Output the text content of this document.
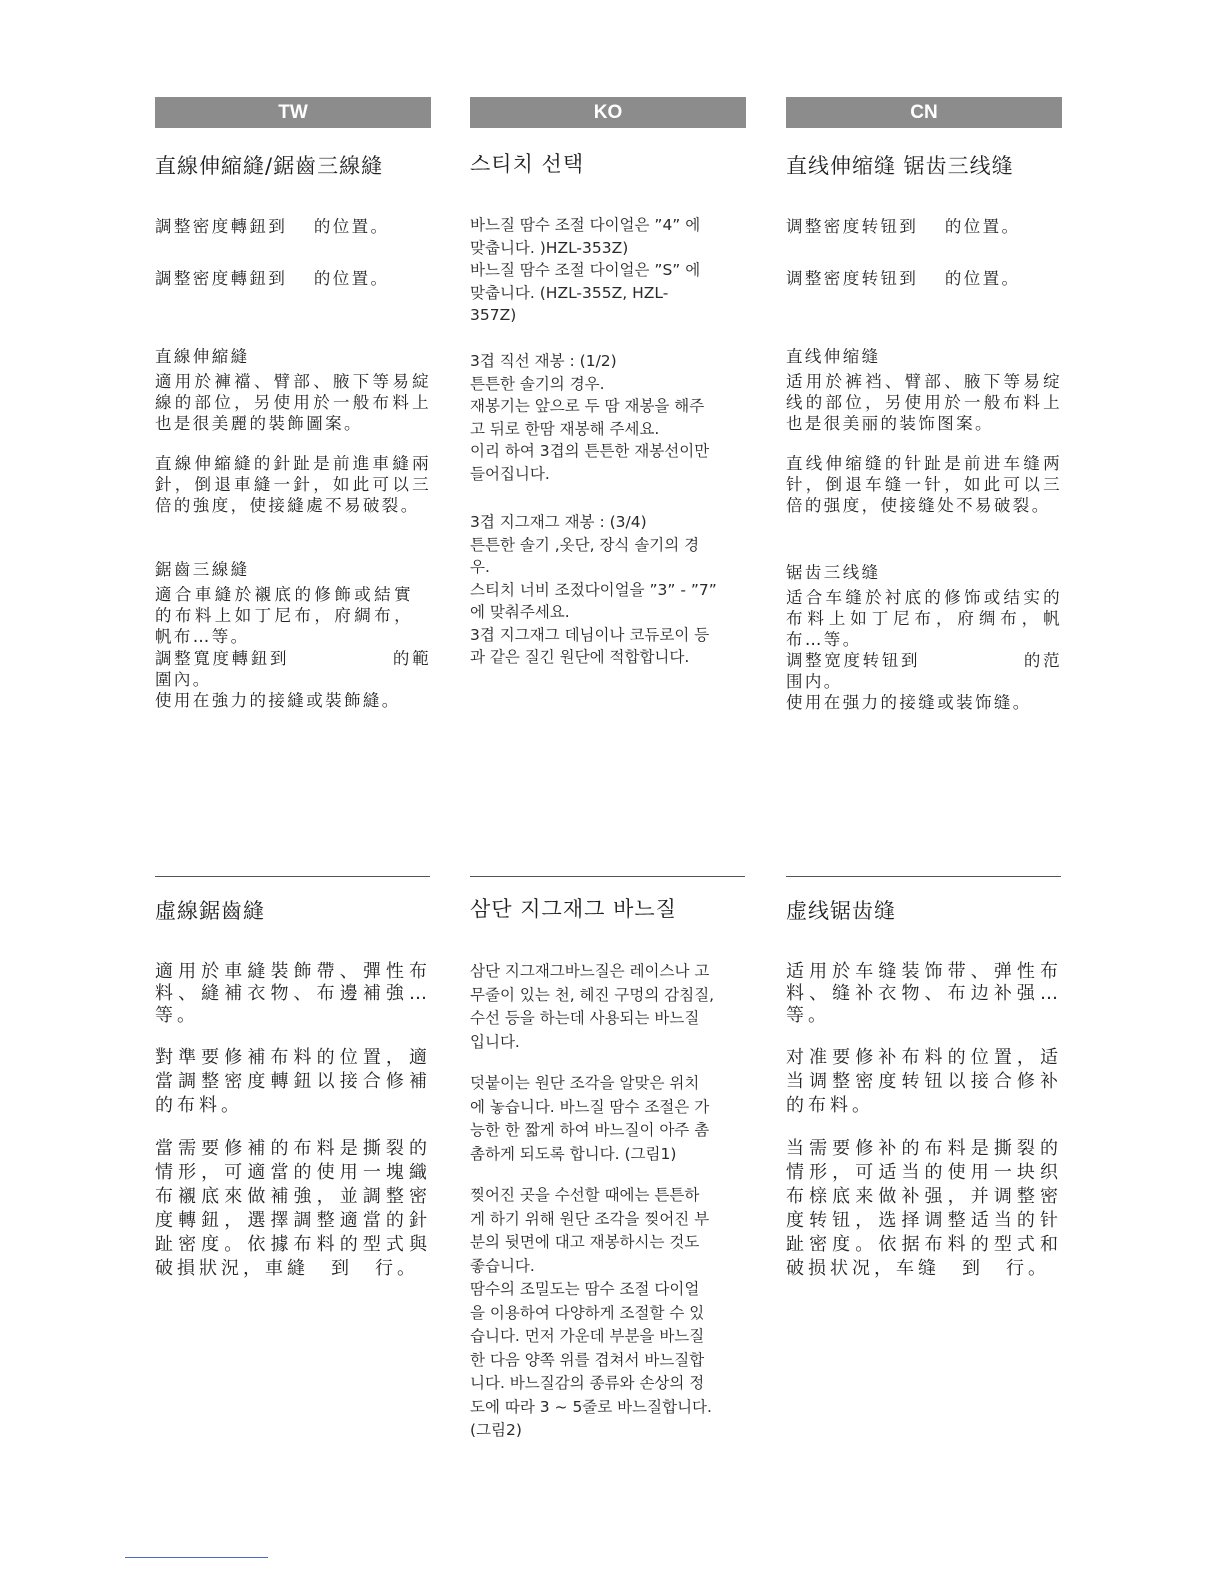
TW	KO	CN
直線伸縮縫/鋸齒三線縫
調整密度轉鈕到　 的位置。
調整密度轉鈕到　 的位置。
直線伸縮縫
適用於褲襠、臂部、腋下等易綻線的部位，另使用於一般布料上也是很美麗的裝飾圖案。
直線伸縮縫的針趾是前進車縫兩針，倒退車縫一針，如此可以三倍的強度，使接縫處不易破裂。
鋸齒三線縫
適合車縫於襯底的修飾或結實的布料上如丁尼布，府綢布，帆布…等。
調整寬度轉鈕到　　　　　 的範圍內。
使用在強力的接縫或裝飾縫。
스티치 선택
바느질 땀수 조절 다이얼은 ”4” 에
맞춥니다. )HZL-353Z)
바느질 땀수 조절 다이얼은 ”S” 에
맞춥니다. (HZL-355Z, HZL-
357Z)
3겹 직선 재봉 : (1/2)
튼튼한 솔기의 경우.
재봉기는 앞으로 두 땀 재봉을 해주
고 뒤로 한땀 재봉해 주세요.
이리 하여 3겹의 튼튼한 재봉선이만
들어집니다.
3겹 지그재그 재봉 : (3/4)
튼튼한 솔기 ,옷단, 장식 솔기의 경
우.
스티치 너비 조젔다이얼을 ”3” - ”7”
에 맞춰주세요.
3겹 지그재그 데님이나 코듀로이 등
과 같은 질긴 원단에 적합합니다.
直线伸缩缝 锯齿三线缝
调整密度转钮到　 的位置。
调整密度转钮到　 的位置。
直线伸缩缝
适用於裤裆、臂部、腋下等易绽线的部位，另使用於一般布料上也是很美丽的装饰图案。
直线伸缩缝的针趾是前进车缝两针，倒退车缝一针，如此可以三倍的强度，使接缝处不易破裂。
锯齿三线缝
适合车缝於衬底的修饰或结实的布料上如丁尼布，府绸布，帆布…等。
调整宽度转钮到　　　　　 的范围内。
使用在强力的接缝或装饰缝。
虛線鋸齒縫
適用於車縫裝飾帶、彈性布料、縫補衣物、布邊補強…等。
對準要修補布料的位置，適當調整密度轉鈕以接合修補的布料。
當需要修補的布料是撕裂的情形，可適當的使用一塊織布襯底來做補強，並調整密度轉鈕，選擇調整適當的針趾密度。依據布料的型式與破損狀況，車縫　到　行。
삼단 지그재그 바느질
삼단 지그재그바느질은 레이스나 고
무줄이 있는 천, 헤진 구멍의 감침질,
수선 등을 하는데 사용되는 바느질
입니다.
덧붙이는 원단 조각을 알맞은 위치
에 놓습니다. 바느질 땀수 조절은 가
능한 한 짧게 하여 바느질이 아주 촘
촘하게 되도록 합니다. (그림1)
찢어진 곳을 수선할 때에는 튼튼하
게 하기 위해 원단 조각을 찢어진 부
분의 뒷면에 대고 재봉하시는 것도
좋습니다.
땀수의 조밀도는 땀수 조절 다이얼
을 이용하여 다양하게 조절할 수 있
습니다. 먼저 가운데 부분을 바느질
한 다음 양쪽 위를 겹쳐서 바느질합
니다. 바느질감의 종류와 손상의 정
도에 따라 3 ~ 5줄로 바느질합니다.
(그림2)
虚线锯齿缝
适用於车缝装饰带、弹性布料、缝补衣物、布边补强…等。
对准要修补布料的位置，适当调整密度转钮以接合修补的布料。
当需要修补的布料是撕裂的情形，可适当的使用一块织布榇底来做补强，并调整密度转钮，选择调整适当的针趾密度。依据布料的型式和破损状况，车缝　到　行。
